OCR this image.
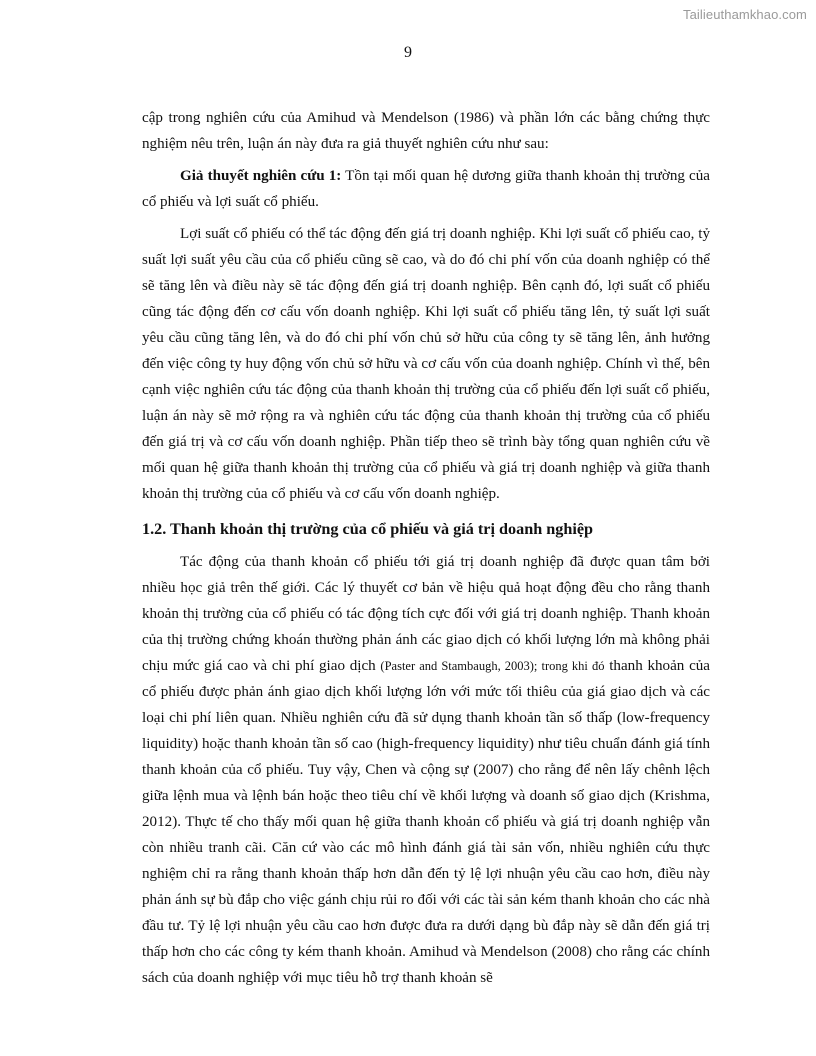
Tailieuthamkhao.com
9

cập trong nghiên cứu của Amihud và Mendelson (1986) và phần lớn các bằng chứng thực nghiệm nêu trên, luận án này đưa ra giả thuyết nghiên cứu như sau:

Giả thuyết nghiên cứu 1: Tồn tại mối quan hệ dương giữa thanh khoản thị trường của cổ phiếu và lợi suất cổ phiếu.

Lợi suất cổ phiếu có thể tác động đến giá trị doanh nghiệp. Khi lợi suất cổ phiếu cao, tỷ suất lợi suất yêu cầu của cổ phiếu cũng sẽ cao, và do đó chi phí vốn của doanh nghiệp có thể sẽ tăng lên và điều này sẽ tác động đến giá trị doanh nghiệp. Bên cạnh đó, lợi suất cổ phiếu cũng tác động đến cơ cấu vốn doanh nghiệp. Khi lợi suất cổ phiếu tăng lên, tỷ suất lợi suất yêu cầu cũng tăng lên, và do đó chi phí vốn chủ sở hữu của công ty sẽ tăng lên, ảnh hưởng đến việc công ty huy động vốn chủ sở hữu và cơ cấu vốn của doanh nghiệp. Chính vì thế, bên cạnh việc nghiên cứu tác động của thanh khoản thị trường của cổ phiếu đến lợi suất cổ phiếu, luận án này sẽ mở rộng ra và nghiên cứu tác động của thanh khoản thị trường của cổ phiếu đến giá trị và cơ cấu vốn doanh nghiệp. Phần tiếp theo sẽ trình bày tổng quan nghiên cứu về mối quan hệ giữa thanh khoản thị trường của cổ phiếu và giá trị doanh nghiệp và giữa thanh khoản thị trường của cổ phiếu và cơ cấu vốn doanh nghiệp.

1.2. Thanh khoản thị trường của cổ phiếu và giá trị doanh nghiệp

Tác động của thanh khoản cổ phiếu tới giá trị doanh nghiệp đã được quan tâm bởi nhiều học giả trên thế giới. Các lý thuyết cơ bản về hiệu quả hoạt động đều cho rằng thanh khoản thị trường của cổ phiếu có tác động tích cực đối với giá trị doanh nghiệp. Thanh khoản của thị trường chứng khoán thường phản ánh các giao dịch có khối lượng lớn mà không phải chịu mức giá cao và chi phí giao dịch (Paster and Stambaugh, 2003); trong khi đó thanh khoản của cổ phiếu được phản ánh giao dịch khối lượng lớn với mức tối thiêu của giá giao dịch và các loại chi phí liên quan. Nhiều nghiên cứu đã sử dụng thanh khoản tần số thấp (low-frequency liquidity) hoặc thanh khoản tần số cao (high-frequency liquidity) như tiêu chuẩn đánh giá tính thanh khoản của cổ phiếu. Tuy vậy, Chen và cộng sự (2007) cho rằng để nên lấy chênh lệch giữa lệnh mua và lệnh bán hoặc theo tiêu chí về khối lượng và doanh số giao dịch (Krishma, 2012). Thực tế cho thấy mối quan hệ giữa thanh khoản cổ phiếu và giá trị doanh nghiệp vẫn còn nhiều tranh cãi. Căn cứ vào các mô hình đánh giá tài sản vốn, nhiều nghiên cứu thực nghiệm chỉ ra rằng thanh khoản thấp hơn dẫn đến tỷ lệ lợi nhuận yêu cầu cao hơn, điều này phản ánh sự bù đắp cho việc gánh chịu rủi ro đối với các tài sản kém thanh khoản cho các nhà đầu tư. Tỷ lệ lợi nhuận yêu cầu cao hơn được đưa ra dưới dạng bù đắp này sẽ dẫn đến giá trị thấp hơn cho các công ty kém thanh khoản. Amihud và Mendelson (2008) cho rằng các chính sách của doanh nghiệp với mục tiêu hỗ trợ thanh khoản sẽ
